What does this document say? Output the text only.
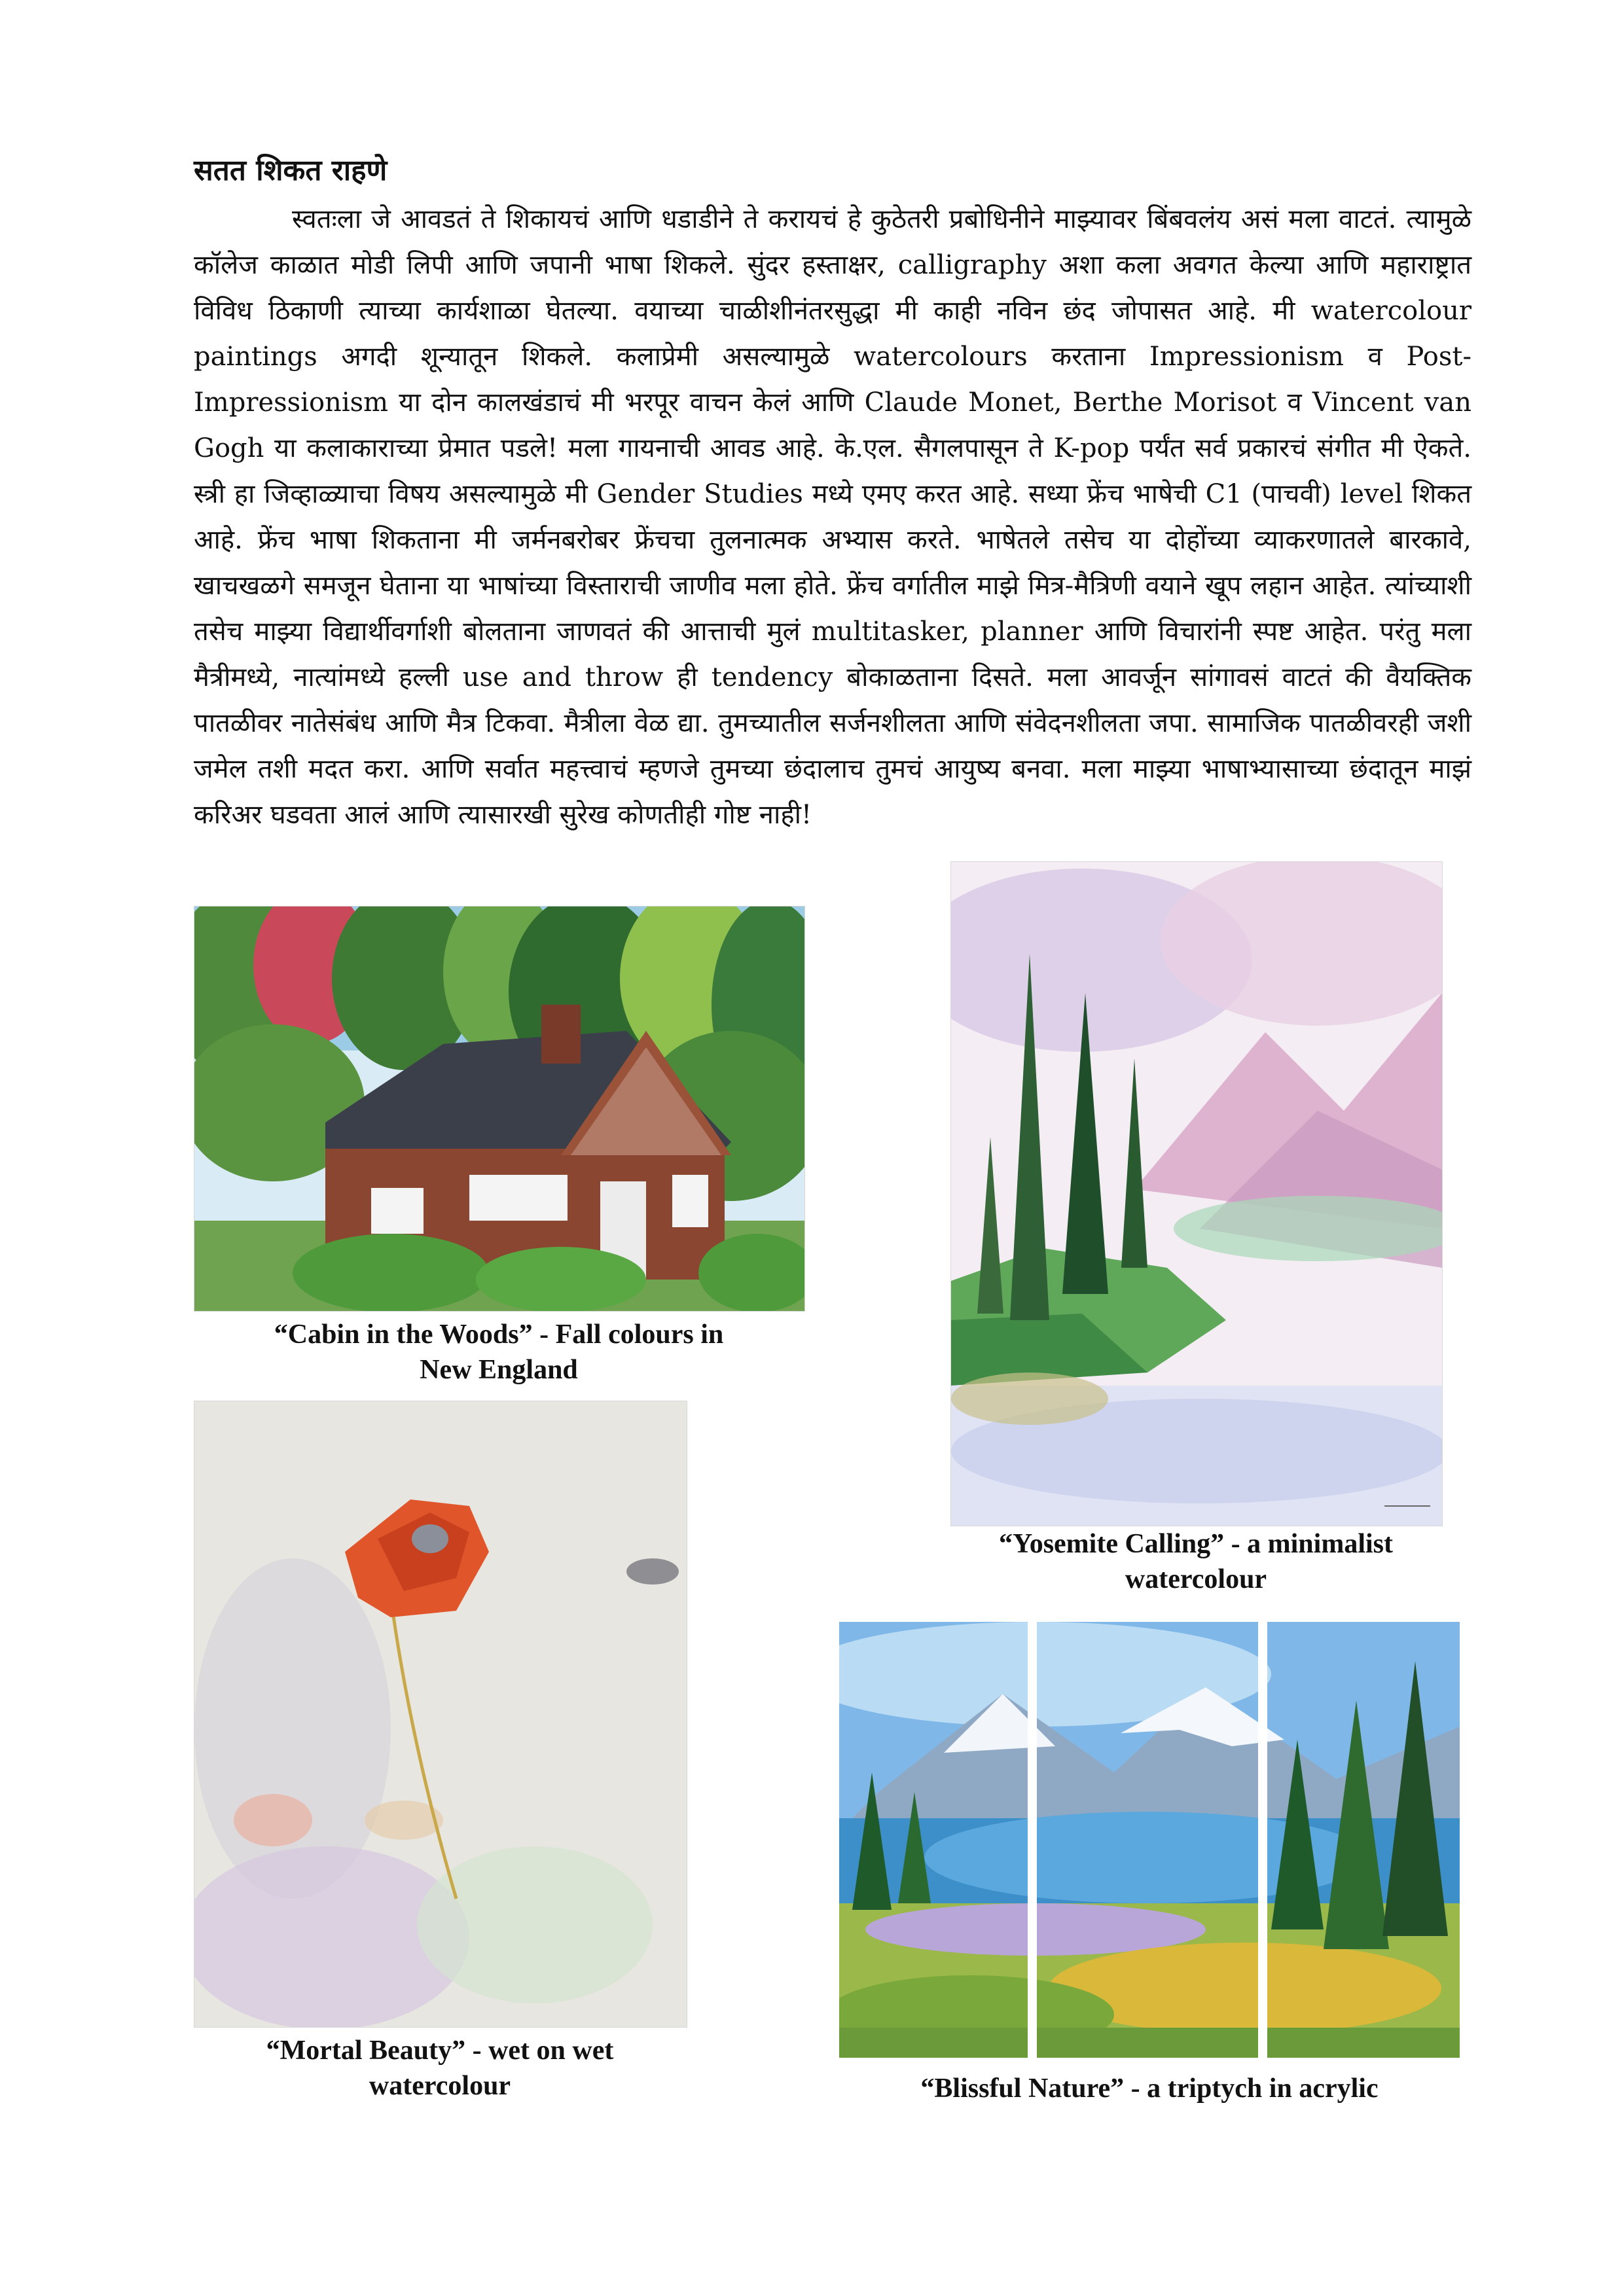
सतत शिकत राहणे

स्वतःला जे आवडतं ते शिकायचं आणि धडाडीने ते करायचं हे कुठेतरी प्रबोधिनीने माझ्यावर बिंबवलंय असं मला वाटतं. त्यामुळे कॉलेज काळात मोडी लिपी आणि जपानी भाषा शिकले. सुंदर हस्ताक्षर, calligraphy अशा कला अवगत केल्या आणि महाराष्ट्रात विविध ठिकाणी त्याच्या कार्यशाळा घेतल्या. वयाच्या चाळीशीनंतरसुद्धा मी काही नविन छंद जोपासत आहे. मी watercolour paintings अगदी शून्यातून शिकले. कलाप्रेमी असल्यामुळे watercolours करताना Impressionism व Post-Impressionism या दोन कालखंडाचं मी भरपूर वाचन केलं आणि Claude Monet, Berthe Morisot व Vincent van Gogh या कलाकाराच्या प्रेमात पडले! मला गायनाची आवड आहे. के.एल. सैगलपासून ते K-pop पर्यंत सर्व प्रकारचं संगीत मी ऐकते. स्त्री हा जिव्हाळ्याचा विषय असल्यामुळे मी Gender Studies मध्ये एमए करत आहे. सध्या फ्रेंच भाषेची C1 (पाचवी) level शिकत आहे. फ्रेंच भाषा शिकताना मी जर्मनबरोबर फ्रेंचचा तुलनात्मक अभ्यास करते. भाषेतले तसेच या दोहोंच्या व्याकरणातले बारकावे, खाचखळगे समजून घेताना या भाषांच्या विस्ताराची जाणीव मला होते. फ्रेंच वर्गातील माझे मित्र-मैत्रिणी वयाने खूप लहान आहेत. त्यांच्याशी तसेच माझ्या विद्यार्थीवर्गाशी बोलताना जाणवतं की आत्ताची मुलं multitasker, planner आणि विचारांनी स्पष्ट आहेत. परंतु मला मैत्रीमध्ये, नात्यांमध्ये हल्ली use and throw ही tendency बोकाळताना दिसते. मला आवर्जून सांगावसं वाटतं की वैयक्तिक पातळीवर नातेसंबंध आणि मैत्र टिकवा. मैत्रीला वेळ द्या. तुमच्यातील सर्जनशीलता आणि संवेदनशीलता जपा. सामाजिक पातळीवरही जशी जमेल तशी मदत करा. आणि सर्वात महत्त्वाचं म्हणजे तुमच्या छंदालाच तुमचं आयुष्य बनवा. मला माझ्या भाषाभ्यासाच्या छंदातून माझं करिअर घडवता आलं आणि त्यासारखी सुरेख कोणतीही गोष्ट नाही!

“Cabin in the Woods” - Fall colours in
New England
“Yosemite Calling” - a minimalist
watercolour
“Mortal Beauty” - wet on wet
watercolour	“Blissful Nature” - a triptych in acrylic
